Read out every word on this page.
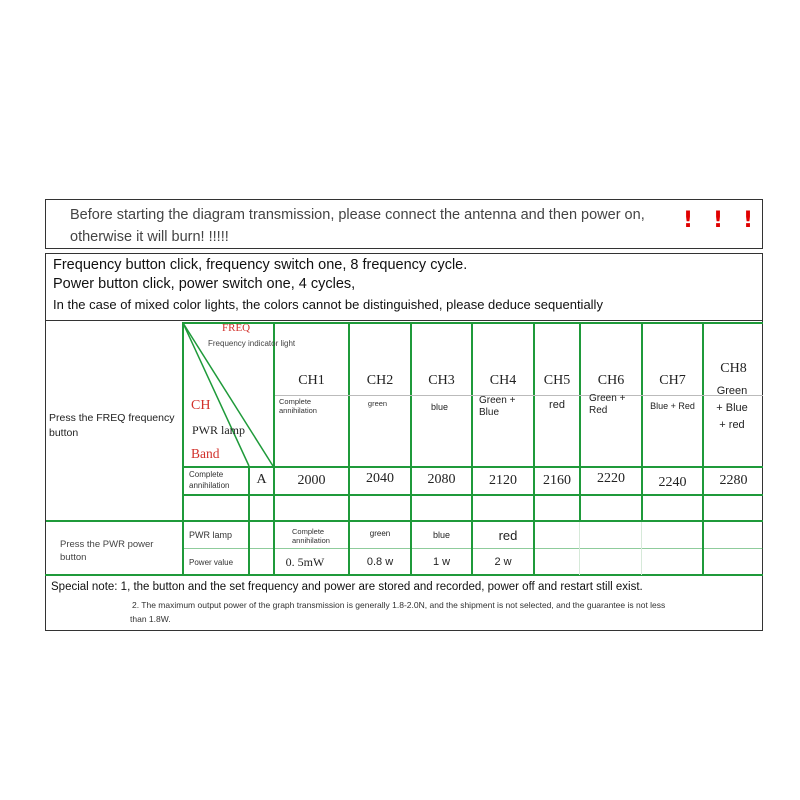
Before starting the diagram transmission, please connect the antenna and then power on,
otherwise it will burn! !!!!!
! ! !
Frequency button click, frequency switch one, 8 frequency cycle.
Power button click, power switch one, 4 cycles,
In the case of mixed color lights, the colors cannot be distinguished, please deduce sequentially
Press the FREQ frequency button
FREQ
Frequency indicator light
CH
PWR lamp
Band
Complete annihilation	A
CH1
Complete annihilation
2000
CH2
green
2040
CH3
blue
2080
CH4
Green + Blue
2120
CH5
red
2160
CH6
Green + Red
2220
CH7
Blue + Red
2240
CH8
Green + Blue + red
2280
Press the PWR power button
PWR lamp
Power value
Complete annihilation
0. 5mW
green
0.8 w
blue
1 w
red
2 w
Special note: 1, the button and the set frequency and power are stored and recorded, power off and restart still exist.
2. The maximum output power of the graph transmission is generally 1.8-2.0N, and the shipment is not selected, and the guarantee is not less
than 1.8W.
